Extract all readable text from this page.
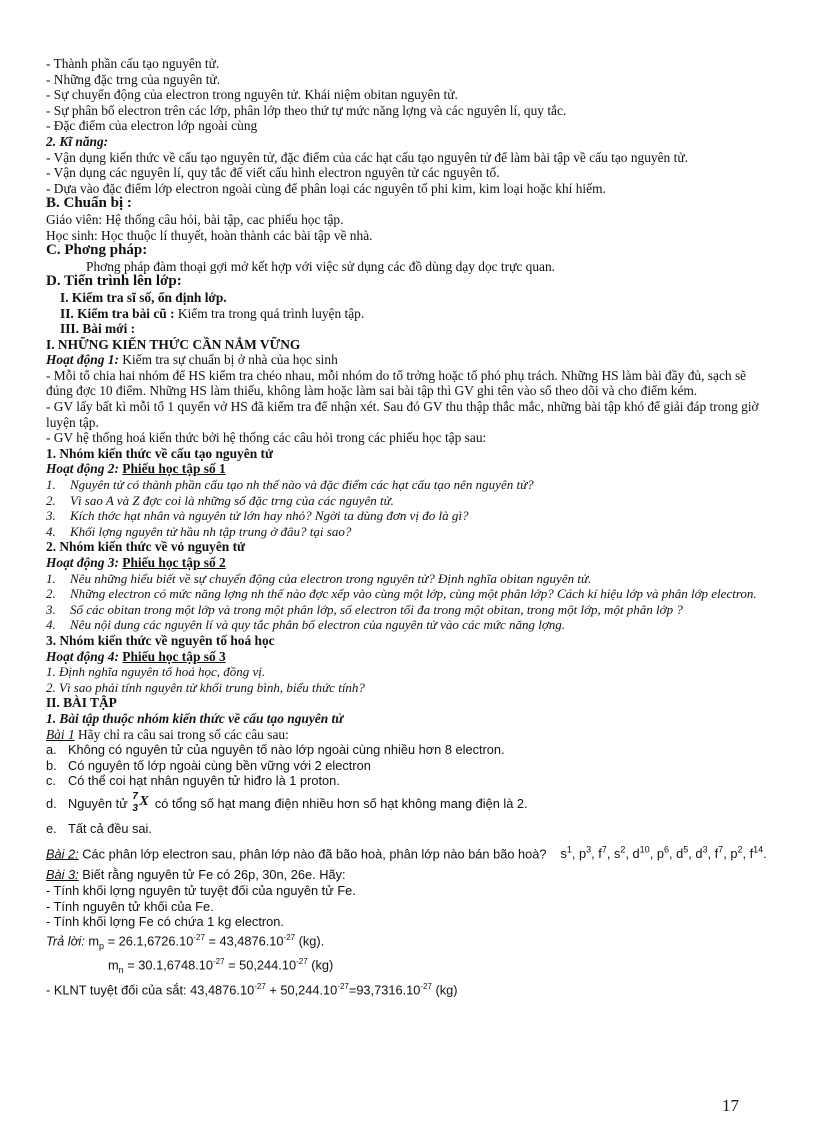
- Thành phần cấu tạo nguyên tử.
- Những đặc trng của nguyên tử.
- Sự chuyển động của electron trong nguyên tử. Khái niệm obitan nguyên tử.
- Sự phân bố electron trên các lớp, phân lớp theo thứ tự mức năng lợng và các nguyên lí, quy tắc.
- Đặc điểm của electron lớp ngoài cùng
2. Kĩ năng:
- Vận dụng kiến thức về cấu tạo nguyên tử, đặc điểm của các hạt cấu tạo nguyên tử để làm bài tập về cấu tạo nguyên tử.
- Vận dụng các nguyên lí, quy tắc để viết cấu hình electron nguyên tử các nguyên tố.
- Dựa vào đặc điểm lớp electron ngoài cùng để phân loại các nguyên tố phi kim, kim loại hoặc khí hiếm.
B. Chuẩn bị :
Giáo viên: Hệ thống câu hỏi, bài tập, cac phiếu học tập.
Học sinh: Học thuộc lí thuyết, hoàn thành các bài tập về nhà.
C. Phơng pháp:
Phơng pháp đàm thoại gợi mở kết hợp với việc sử dụng các đồ dùng dạy dọc trực quan.
D. Tiến trình lên lớp:
I. Kiểm tra sĩ số, ổn định lớp.
II. Kiểm tra bài cũ : Kiểm tra trong quá trình luyện tập.
III. Bài mới :
I. NHỮNG KIẾN THỨC CẦN NẮM VỮNG
Hoạt động 1: Kiểm tra sự chuẩn bị ở nhà của học sinh
- Mỗi tổ chia hai nhóm để HS kiểm tra chéo nhau, mỗi nhóm do tổ trởng hoặc tổ phó phụ trách. Những HS làm bài đầy đủ, sạch sẽ đúng đợc 10 điểm. Những HS làm thiếu, không làm hoặc làm sai bài tập thì GV ghi tên vào sổ theo dõi và cho điểm kém.
- GV lấy bất kì mỗi tổ 1 quyển vở HS đã kiểm tra để nhận xét. Sau đó GV thu thập thắc mắc, những bài tập khó để giải đáp trong giờ luyện tập.
- GV hệ thống hoá kiến thức bởi hệ thống các câu hỏi trong các phiếu học tập sau:
1. Nhóm kiến thức về cấu tạo nguyên tử
Hoạt động 2: Phiếu học tập số 1
1.	Nguyên tử có thành phần cấu tạo nh thế nào và đặc điểm các hạt cấu tạo nên nguyên tử?
2.	Vì sao A và Z đợc coi là những số đặc trng của các nguyên tử.
3.	Kích thớc hạt nhân và nguyên tử lớn hay nhỏ? Ngời ta dùng đơn vị đo là gì?
4.	Khối lợng nguyên tử hầu nh tập trung ở đâu? tại sao?
2. Nhóm kiến thức về vỏ nguyên tử
Hoạt động 3: Phiếu học tập số 2
1.	Nêu những hiểu biết về sự chuyển động của electron trong nguyên tử? Định nghĩa obitan nguyên tử.
2.	Những electron có mức năng lợng nh thế nào đợc xếp vào cùng một lớp, cùng một phân lớp? Cách kí hiệu lớp và phân lớp electron.
3.	Số các obitan trong một lớp và trong một phân lớp, số electron tối đa trong một obitan, trong một lớp, một phân lớp ?
4.	Nêu nội dung các nguyên lí và quy tắc phân bố electron của nguyên tử vào các mức năng lợng.
3. Nhóm kiến thức về nguyên tố hoá học
Hoạt động 4: Phiếu học tập số 3
1. Định nghĩa nguyên tố hoá học, đồng vị.
2. Vì sao phải tính nguyên tử khối trung bình, biểu thức tính?
II. BÀI TẬP
1. Bài tập thuộc nhóm kiến thức về cấu tạo nguyên tử
Bài 1 Hãy chỉ ra câu sai trong số các câu sau:
a. Không có nguyên tử của nguyên tố nào lớp ngoài cùng nhiều hơn 8 electron.
b. Có nguyên tố lớp ngoài cùng bền vững với 2 electron
c. Có thể coi hạt nhân nguyên tử hiđro là 1 proton.
d. Nguyên tử 7
3 X có tổng số hạt mang điện nhiều hơn số hạt không mang điện là 2.
e. Tất cả đều sai.
Bài 2: Các phân lớp electron sau, phân lớp nào đã bão hoà, phân lớp nào bán bão hoà? $s^1$, $p^3$, $f^7$, $s^2$, $d^{10}$, $p^6$, $d^5$, $d^3$, $f^7$, $p^2$, $f^{14}$.
Bài 3: Biết rằng nguyên tử Fe có 26p, 30n, 26e. Hãy:
- Tính khối lợng nguyên tử tuyệt đối của nguyên tử Fe.
- Tính nguyên tử khối của Fe.
- Tính khối lợng Fe có chứa 1 kg electron.
Trả lời: $m_p = 26.1,6726.10^{-27} = 43,4876.10^{-27}$ (kg).
$m_n = 30.1,6748.10^{-27} = 50,244.10^{-27}$ (kg)
- KLNT tuyệt đối của sắt: $43,4876.10^{-27} + 50,244.10^{-27}=93,7316.10^{-27}$ (kg)
17
